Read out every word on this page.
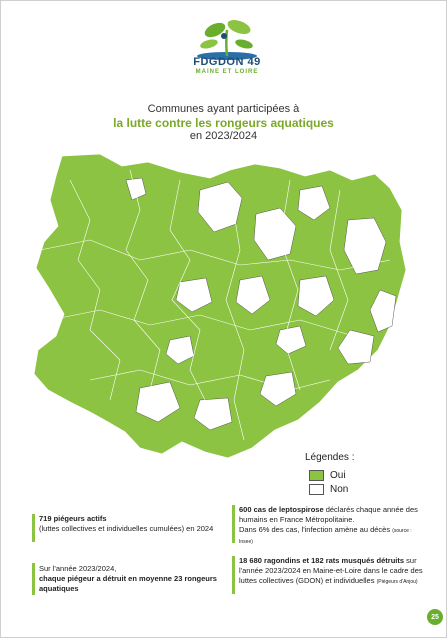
FDGDON 49
MAINE ET LOIRE
Communes ayant participées à
la lutte contre les rongeurs aquatiques
en 2023/2024
Légendes :
Oui
Non
719 piégeurs actifs
(luttes collectives et individuelles cumulées) en 2024
Sur l'année 2023/2024,
chaque piégeur a détruit en moyenne 23 rongeurs aquatiques
600 cas de leptospirose déclarés chaque année des humains en France Métropolitaine.
Dans 6% des cas, l'infection amène au décès (source : Insee)
18 680 ragondins et 182 rats musqués détruits sur l'année 2023/2024 en Maine-et-Loire dans le cadre des luttes collectives (GDON) et individuelles (Piégeurs d'Anjou)
25
